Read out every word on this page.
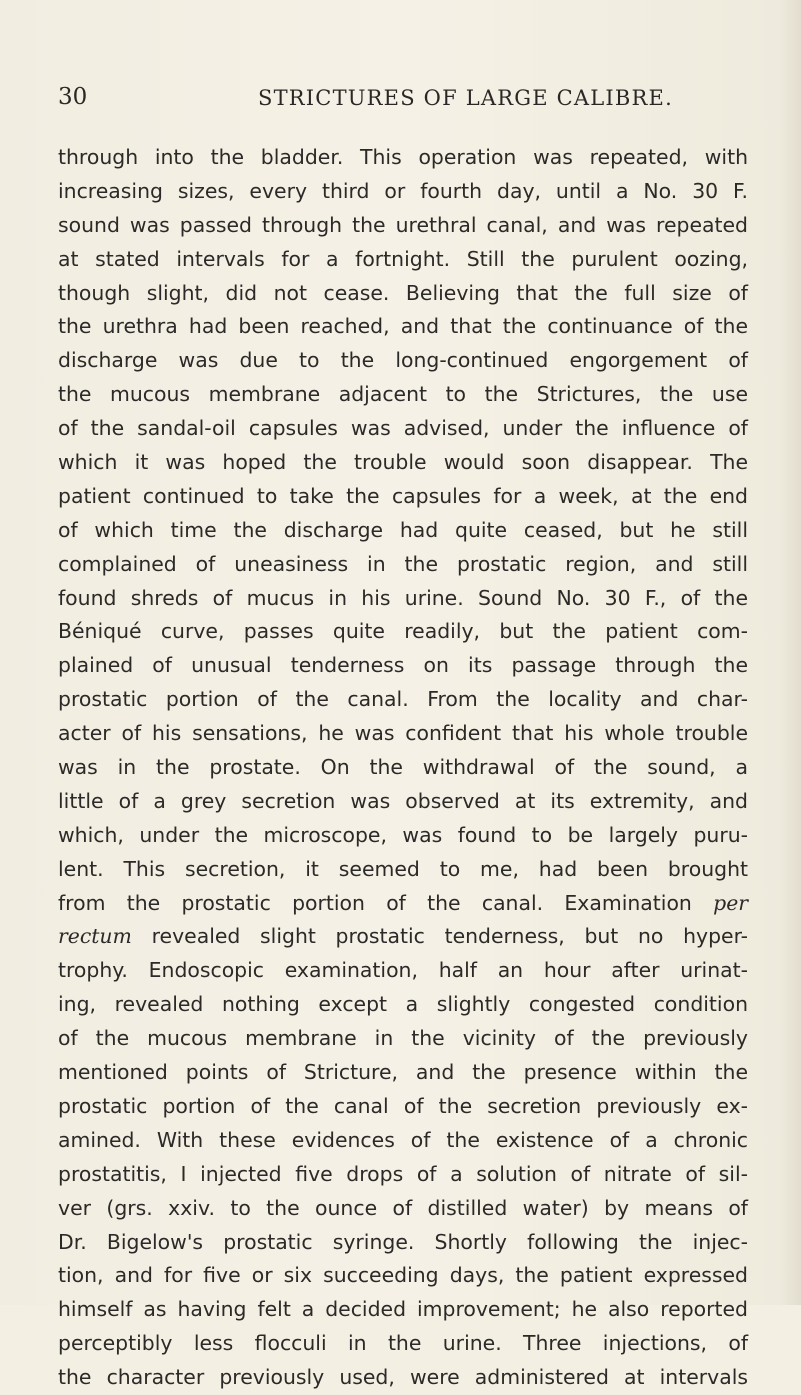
30	STRICTURES OF LARGE CALIBRE.
through into the bladder. This operation was repeated, with
increasing sizes, every third or fourth day, until a No. 30 F.
sound was passed through the urethral canal, and was repeated
at stated intervals for a fortnight. Still the purulent oozing,
though slight, did not cease. Believing that the full size of
the urethra had been reached, and that the continuance of the
discharge was due to the long-continued engorgement of
the mucous membrane adjacent to the Strictures, the use
of the sandal-oil capsules was advised, under the influence of
which it was hoped the trouble would soon disappear. The
patient continued to take the capsules for a week, at the end
of which time the discharge had quite ceased, but he still
complained of uneasiness in the prostatic region, and still
found shreds of mucus in his urine. Sound No. 30 F., of the
Béniqué curve, passes quite readily, but the patient com-
plained of unusual tenderness on its passage through the
prostatic portion of the canal. From the locality and char-
acter of his sensations, he was confident that his whole trouble
was in the prostate. On the withdrawal of the sound, a
little of a grey secretion was observed at its extremity, and
which, under the microscope, was found to be largely puru-
lent. This secretion, it seemed to me, had been brought
from the prostatic portion of the canal. Examination per
rectum revealed slight prostatic tenderness, but no hyper-
trophy. Endoscopic examination, half an hour after urinat-
ing, revealed nothing except a slightly congested condition
of the mucous membrane in the vicinity of the previously
mentioned points of Stricture, and the presence within the
prostatic portion of the canal of the secretion previously ex-
amined. With these evidences of the existence of a chronic
prostatitis, I injected five drops of a solution of nitrate of sil-
ver (grs. xxiv. to the ounce of distilled water) by means of
Dr. Bigelow's prostatic syringe. Shortly following the injec-
tion, and for five or six succeeding days, the patient expressed
himself as having felt a decided improvement; he also reported
perceptibly less flocculi in the urine. Three injections, of
the character previously used, were administered at intervals
